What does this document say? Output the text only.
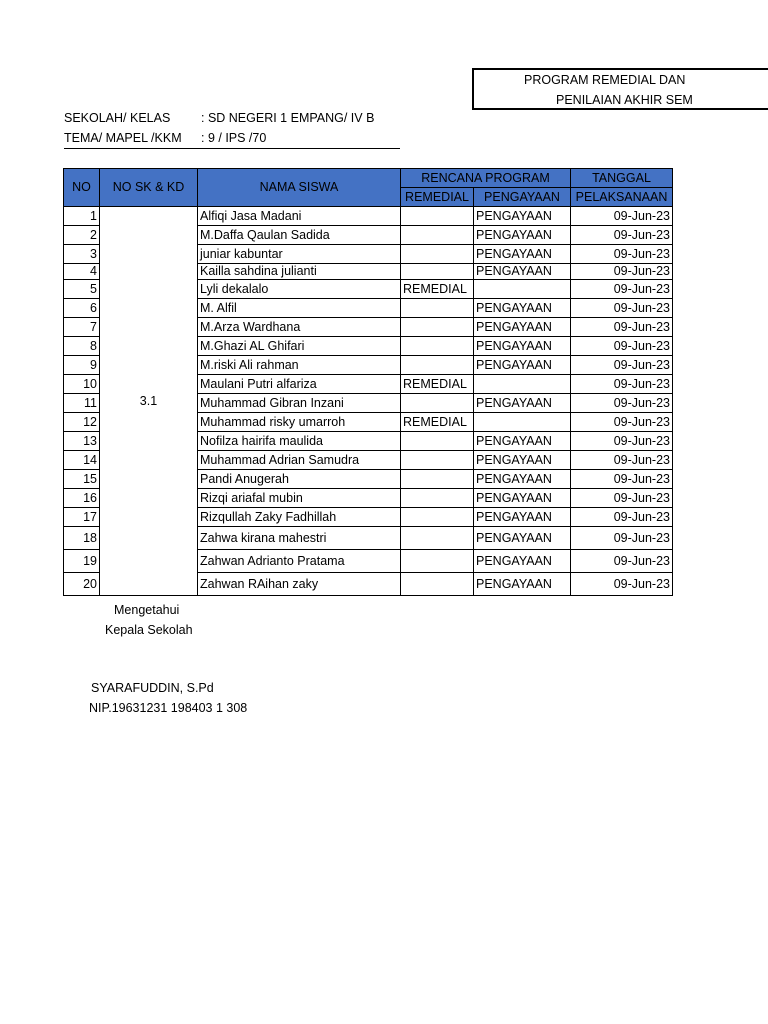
PROGRAM REMEDIAL DAN
PENILAIAN AKHIR SEM
SEKOLAH/ KELAS : SD NEGERI 1 EMPANG/ IV B
TEMA/ MAPEL /KKM : 9 / IPS /70
NO	NO SK & KD	NAMA SISWA	RENCANA PROGRAM		TANGGAL
			REMEDIAL	PENGAYAAN	PELAKSANAAN
1	3.1	Alfiqi Jasa Madani		PENGAYAAN	09-Jun-23
2		M.Daffa Qaulan Sadida		PENGAYAAN	09-Jun-23
3		juniar kabuntar		PENGAYAAN	09-Jun-23
4		Kailla sahdina julianti		PENGAYAAN	09-Jun-23
5		Lyli dekalalo	REMEDIAL		09-Jun-23
6		M. Alfil		PENGAYAAN	09-Jun-23
7		M.Arza Wardhana		PENGAYAAN	09-Jun-23
8		M.Ghazi AL Ghifari		PENGAYAAN	09-Jun-23
9		M.riski Ali rahman		PENGAYAAN	09-Jun-23
10		Maulani Putri alfariza	REMEDIAL		09-Jun-23
11		Muhammad Gibran Inzani		PENGAYAAN	09-Jun-23
12		Muhammad risky umarroh	REMEDIAL		09-Jun-23
13		Nofilza hairifa maulida		PENGAYAAN	09-Jun-23
14		Muhammad Adrian Samudra		PENGAYAAN	09-Jun-23
15		Pandi Anugerah		PENGAYAAN	09-Jun-23
16		Rizqi ariafal mubin		PENGAYAAN	09-Jun-23
17		Rizqullah Zaky Fadhillah		PENGAYAAN	09-Jun-23
18		Zahwa kirana mahestri		PENGAYAAN	09-Jun-23
19		Zahwan Adrianto Pratama		PENGAYAAN	09-Jun-23
20		Zahwan RAihan zaky		PENGAYAAN	09-Jun-23
Mengetahui
Kepala Sekolah
SYARAFUDDIN, S.Pd
NIP.19631231 198403 1 308
